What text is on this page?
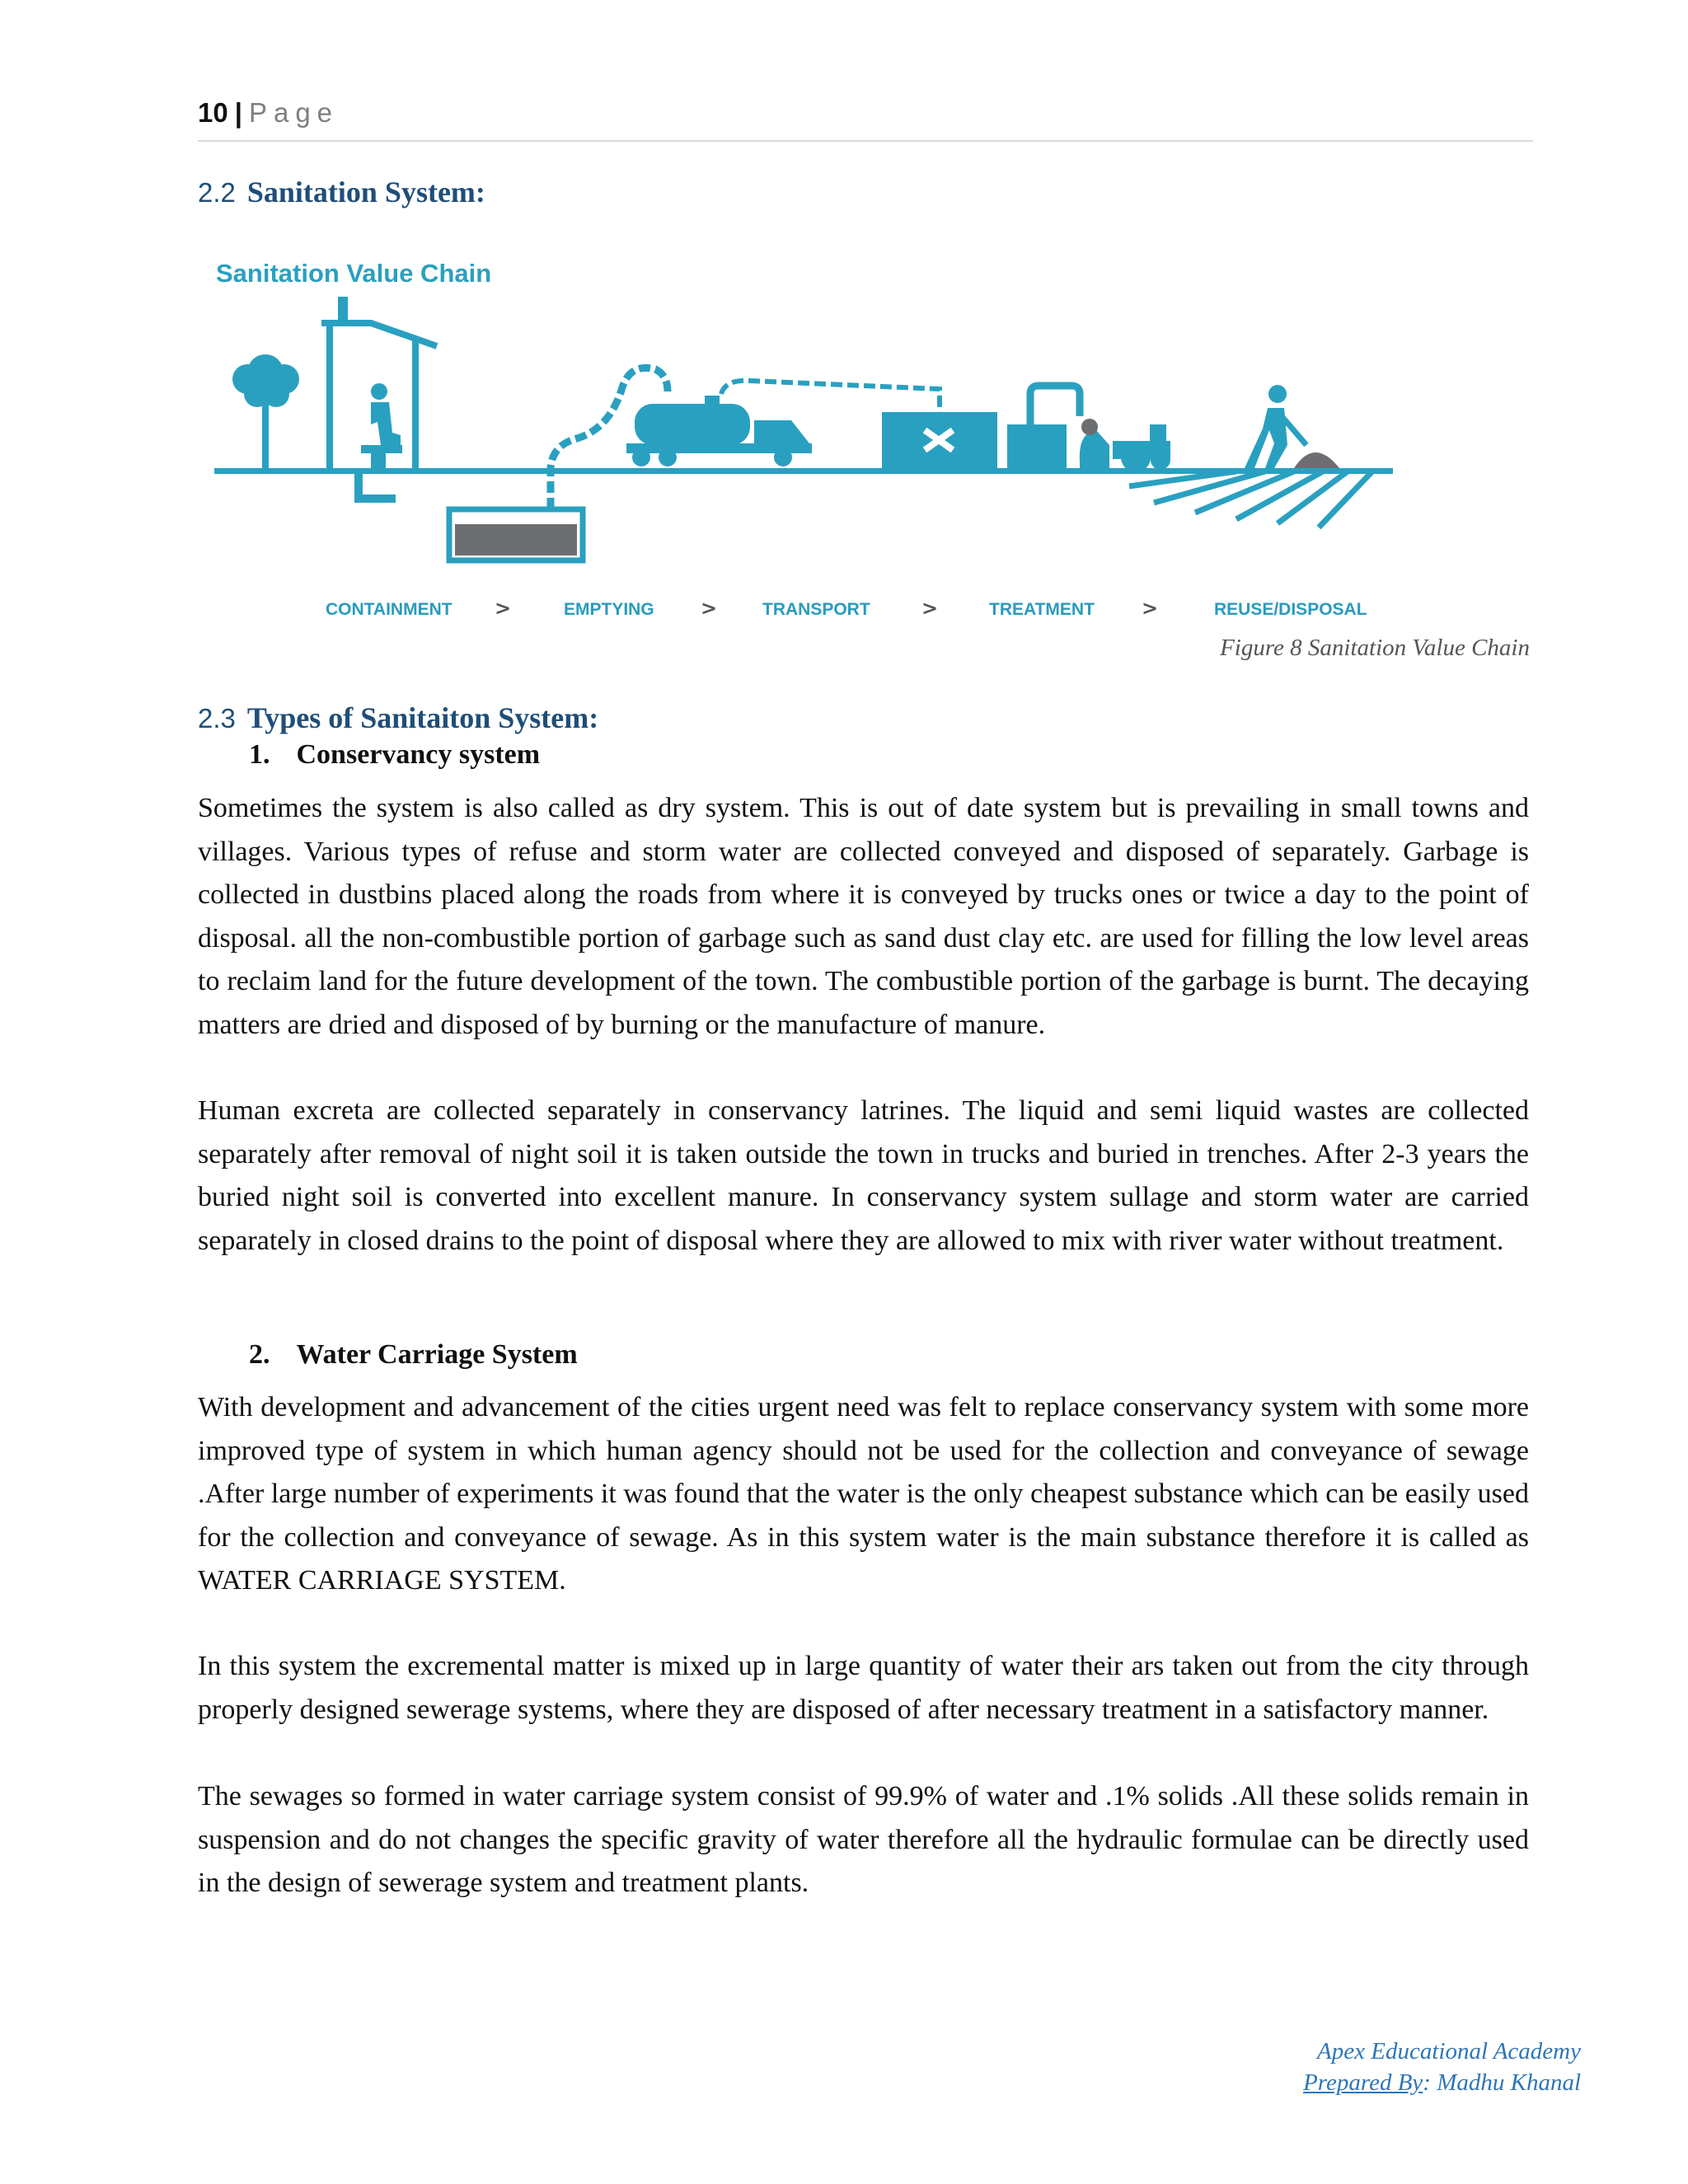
10 | Page
2.2 Sanitation System:
Sanitation Value Chain
CONTAINMENT >	EMPTYING >	TRANSPORT	>	TREATMENT >	REUSE/DISPOSAL
Figure 8 Sanitation Value Chain
2.3 Types of Sanitaiton System:
1. Conservancy system

Sometimes the system is also called as dry system. This is out of date system but is prevailing in small towns and villages. Various types of refuse and storm water are collected conveyed and disposed of separately. Garbage is collected in dustbins placed along the roads from where it is conveyed by trucks ones or twice a day to the point of disposal. all the non-combustible portion of garbage such as sand dust clay etc. are used for filling the low level areas to reclaim land for the future development of the town. The combustible portion of the garbage is burnt. The decaying matters are dried and disposed of by burning or the manufacture of manure.

Human excreta are collected separately in conservancy latrines. The liquid and semi liquid wastes are collected separately after removal of night soil it is taken outside the town in trucks and buried in trenches. After 2-3 years the buried night soil is converted into excellent manure. In conservancy system sullage and storm water are carried separately in closed drains to the point of disposal where they are allowed to mix with river water without treatment.

2. Water Carriage System

With development and advancement of the cities urgent need was felt to replace conservancy system with some more improved type of system in which human agency should not be used for the collection and conveyance of sewage .After large number of experiments it was found that the water is the only cheapest substance which can be easily used for the collection and conveyance of sewage. As in this system water is the main substance therefore it is called as WATER CARRIAGE SYSTEM.

In this system the excremental matter is mixed up in large quantity of water their ars taken out from the city through properly designed sewerage systems, where they are disposed of after necessary treatment in a satisfactory manner.

The sewages so formed in water carriage system consist of 99.9% of water and .1% solids .All these solids remain in suspension and do not changes the specific gravity of water therefore all the hydraulic formulae can be directly used in the design of sewerage system and treatment plants.

Apex Educational Academy
Prepared By: Madhu Khanal
